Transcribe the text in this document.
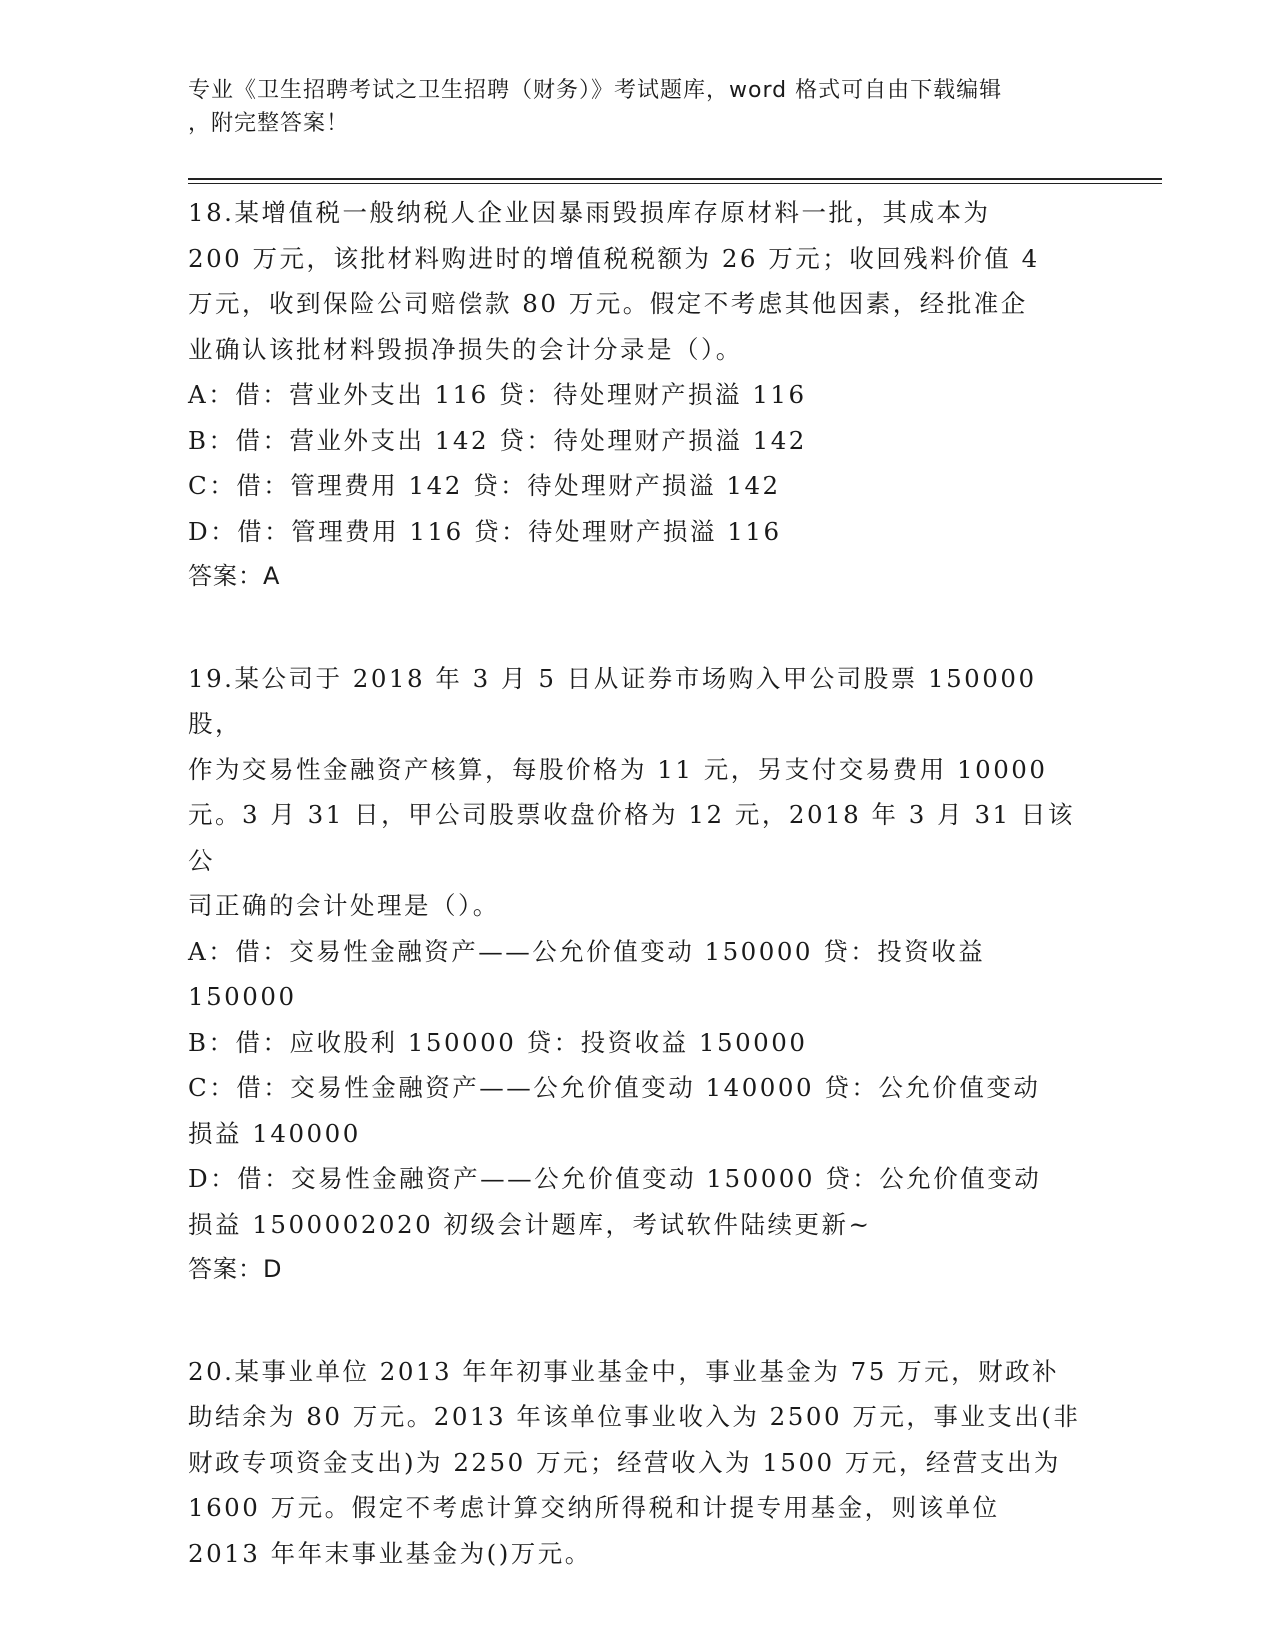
专业《卫生招聘考试之卫生招聘（财务）》考试题库，word 格式可自由下载编辑
，附完整答案！
18.某增值税一般纳税人企业因暴雨毁损库存原材料一批，其成本为
200 万元，该批材料购进时的增值税税额为 26 万元；收回残料价值 4
万元，收到保险公司赔偿款 80 万元。假定不考虑其他因素，经批准企
业确认该批材料毁损净损失的会计分录是（）。
A：借：营业外支出 116 贷：待处理财产损溢 116
B：借：营业外支出 142 贷：待处理财产损溢 142
C：借：管理费用 142 贷：待处理财产损溢 142
D：借：管理费用 116 贷：待处理财产损溢 116
答案：A
19.某公司于 2018 年 3 月 5 日从证券市场购入甲公司股票 150000 股，
作为交易性金融资产核算，每股价格为 11 元，另支付交易费用 10000
元。3 月 31 日，甲公司股票收盘价格为 12 元，2018 年 3 月 31 日该公
司正确的会计处理是（）。
A：借：交易性金融资产——公允价值变动 150000 贷：投资收益
150000
B：借：应收股利 150000 贷：投资收益 150000
C：借：交易性金融资产——公允价值变动 140000 贷：公允价值变动
损益 140000
D：借：交易性金融资产——公允价值变动 150000 贷：公允价值变动
损益 1500002020 初级会计题库，考试软件陆续更新~
答案：D
20.某事业单位 2013 年年初事业基金中，事业基金为 75 万元，财政补
助结余为 80 万元。2013 年该单位事业收入为 2500 万元，事业支出(非
财政专项资金支出)为 2250 万元；经营收入为 1500 万元，经营支出为
1600 万元。假定不考虑计算交纳所得税和计提专用基金，则该单位
2013 年年末事业基金为()万元。
